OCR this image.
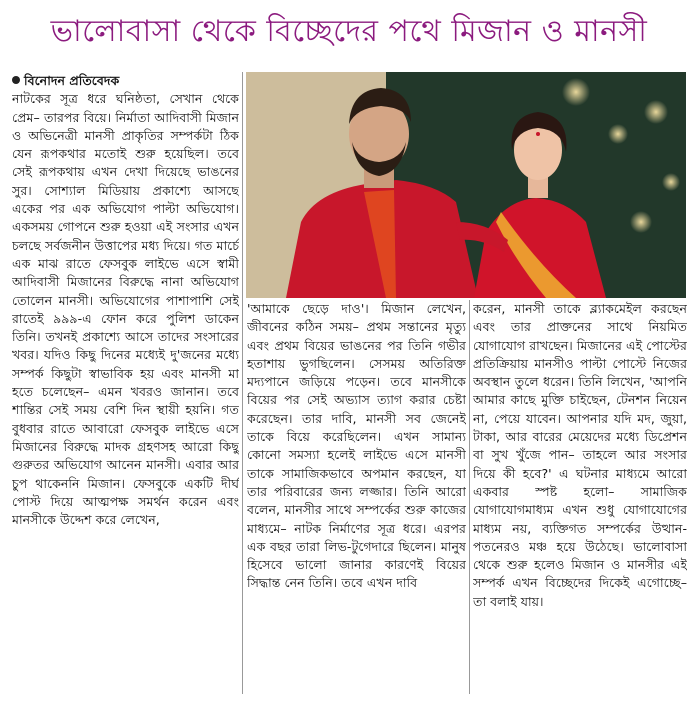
ভালোবাসা থেকে বিচ্ছেদের পথে মিজান ও মানসী

বিনোদন প্রতিবেদক

নাটকের সূত্র ধরে ঘনিষ্ঠতা, সেখান থেকে প্রেম– তারপর বিয়ে। নির্মাতা আদিবাসী মিজান ও অভিনেত্রী মানসী প্রাকৃতির সম্পর্কটা ঠিক যেন রূপকথার মতোই শুরু হয়েছিল। তবে সেই রূপকথায় এখন দেখা দিয়েছে ভাঙনের সুর। সোশ্যাল মিডিয়ায় প্রকাশ্যে আসছে একের পর এক অভিযোগ পাল্টা অভিযোগ। একসময় গোপনে শুরু হওয়া এই সংসার এখন চলছে সর্বজনীন উত্তাপের মধ্য দিয়ে। গত মার্চে এক মাঝ রাতে ফেসবুক লাইভে এসে স্বামী আদিবাসী মিজানের বিরুদ্ধে নানা অভিযোগ তোলেন মানসী। অভিযোগের পাশাপাশি সেই রাতেই ৯৯৯-এ ফোন করে পুলিশ ডাকেন তিনি। তখনই প্রকাশ্যে আসে তাদের সংসারের খবর। যদিও কিছু দিনের মধ্যেই দু'জনের মধ্যে সম্পর্ক কিছুটা স্বাভাবিক হয় এবং মানসী মা হতে চলেছেন– এমন খবরও জানান। তবে শান্তির সেই সময় বেশি দিন স্থায়ী হয়নি। গত বুধবার রাতে আবারো ফেসবুক লাইভে এসে মিজানের বিরুদ্ধে মাদক গ্রহণসহ আরো কিছু গুরুতর অভিযোগ আনেন মানসী। এবার আর চুপ থাকেননি মিজান। ফেসবুকে একটি দীর্ঘ পোস্ট দিয়ে আত্মপক্ষ সমর্থন করেন এবং মানসীকে উদ্দেশ করে লেখেন,

'আমাকে ছেড়ে দাও'। মিজান লেখেন, জীবনের কঠিন সময়– প্রথম সন্তানের মৃত্যু এবং প্রথম বিয়ের ভাঙনের পর তিনি গভীর হতাশায় ভুগছিলেন। সেসময় অতিরিক্ত মদ্যপানে জড়িয়ে পড়েন। তবে মানসীকে বিয়ের পর সেই অভ্যাস ত্যাগ করার চেষ্টা করেছেন। তার দাবি, মানসী সব জেনেই তাকে বিয়ে করেছিলেন। এখন সামান্য কোনো সমস্যা হলেই লাইভে এসে মানসী তাকে সামাজিকভাবে অপমান করছেন, যা তার পরিবারের জন্য লজ্জার। তিনি আরো বলেন, মানসীর সাথে সম্পর্কের শুরু কাজের মাধ্যমে– নাটক নির্মাণের সূত্র ধরে। এরপর এক বছর তারা লিভ-টুগেদারে ছিলেন। মানুষ হিসেবে ভালো জানার কারণেই বিয়ের সিদ্ধান্ত নেন তিনি। তবে এখন দাবি

করেন, মানসী তাকে ব্ল্যাকমেইল করছেন এবং তার প্রাক্তনের সাথে নিয়মিত যোগাযোগ রাখছেন। মিজানের এই পোস্টের প্রতিক্রিয়ায় মানসীও পাল্টা পোস্টে নিজের অবস্থান তুলে ধরেন। তিনি লিখেন, 'আপনি আমার কাছে মুক্তি চাইছেন, টেনশন নিয়েন না, পেয়ে যাবেন। আপনার যদি মদ, জুয়া, টাকা, আর বারের মেয়েদের মধ্যে ডিপ্রেশন বা সুখ খুঁজে পান– তাহলে আর সংসার দিয়ে কী হবে?' এ ঘটনার মাধ্যমে আরো একবার স্পষ্ট হলো– সামাজিক যোগাযোগমাধ্যম এখন শুধু যোগাযোগের মাধ্যম নয়, ব্যক্তিগত সম্পর্কের উত্থান-পতনেরও মঞ্চ হয়ে উঠেছে। ভালোবাসা থেকে শুরু হলেও মিজান ও মানসীর এই সম্পর্ক এখন বিচ্ছেদের দিকেই এগোচ্ছে– তা বলাই যায়।
